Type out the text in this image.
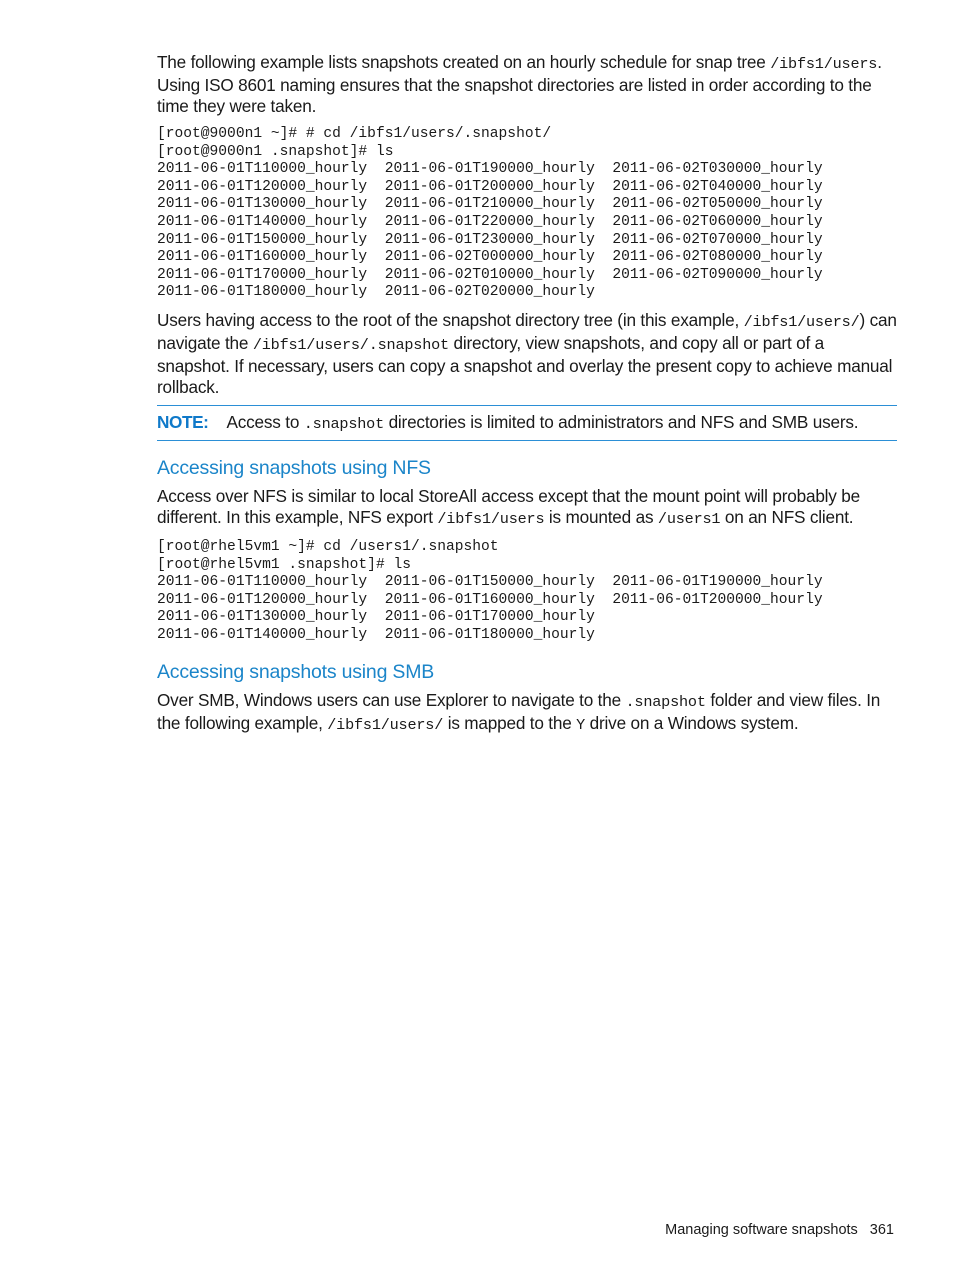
The following example lists snapshots created on an hourly schedule for snap tree /ibfs1/users. Using ISO 8601 naming ensures that the snapshot directories are listed in order according to the time they were taken.

[root@9000n1 ~]# # cd /ibfs1/users/.snapshot/
[root@9000n1 .snapshot]# ls
2011-06-01T110000_hourly  2011-06-01T190000_hourly  2011-06-02T030000_hourly
2011-06-01T120000_hourly  2011-06-01T200000_hourly  2011-06-02T040000_hourly
2011-06-01T130000_hourly  2011-06-01T210000_hourly  2011-06-02T050000_hourly
2011-06-01T140000_hourly  2011-06-01T220000_hourly  2011-06-02T060000_hourly
2011-06-01T150000_hourly  2011-06-01T230000_hourly  2011-06-02T070000_hourly
2011-06-01T160000_hourly  2011-06-02T000000_hourly  2011-06-02T080000_hourly
2011-06-01T170000_hourly  2011-06-02T010000_hourly  2011-06-02T090000_hourly
2011-06-01T180000_hourly  2011-06-02T020000_hourly

Users having access to the root of the snapshot directory tree (in this example, /ibfs1/users/) can navigate the /ibfs1/users/.snapshot directory, view snapshots, and copy all or part of a snapshot. If necessary, users can copy a snapshot and overlay the present copy to achieve manual rollback.

NOTE: Access to .snapshot directories is limited to administrators and NFS and SMB users.
Accessing snapshots using NFS

Access over NFS is similar to local StoreAll access except that the mount point will probably be different. In this example, NFS export /ibfs1/users is mounted as /users1 on an NFS client.

[root@rhel5vm1 ~]# cd /users1/.snapshot
[root@rhel5vm1 .snapshot]# ls
2011-06-01T110000_hourly  2011-06-01T150000_hourly  2011-06-01T190000_hourly
2011-06-01T120000_hourly  2011-06-01T160000_hourly  2011-06-01T200000_hourly
2011-06-01T130000_hourly  2011-06-01T170000_hourly
2011-06-01T140000_hourly  2011-06-01T180000_hourly
Accessing snapshots using SMB

Over SMB, Windows users can use Explorer to navigate to the .snapshot folder and view files. In the following example, /ibfs1/users/ is mapped to the Y drive on a Windows system.

Managing software snapshots 361
